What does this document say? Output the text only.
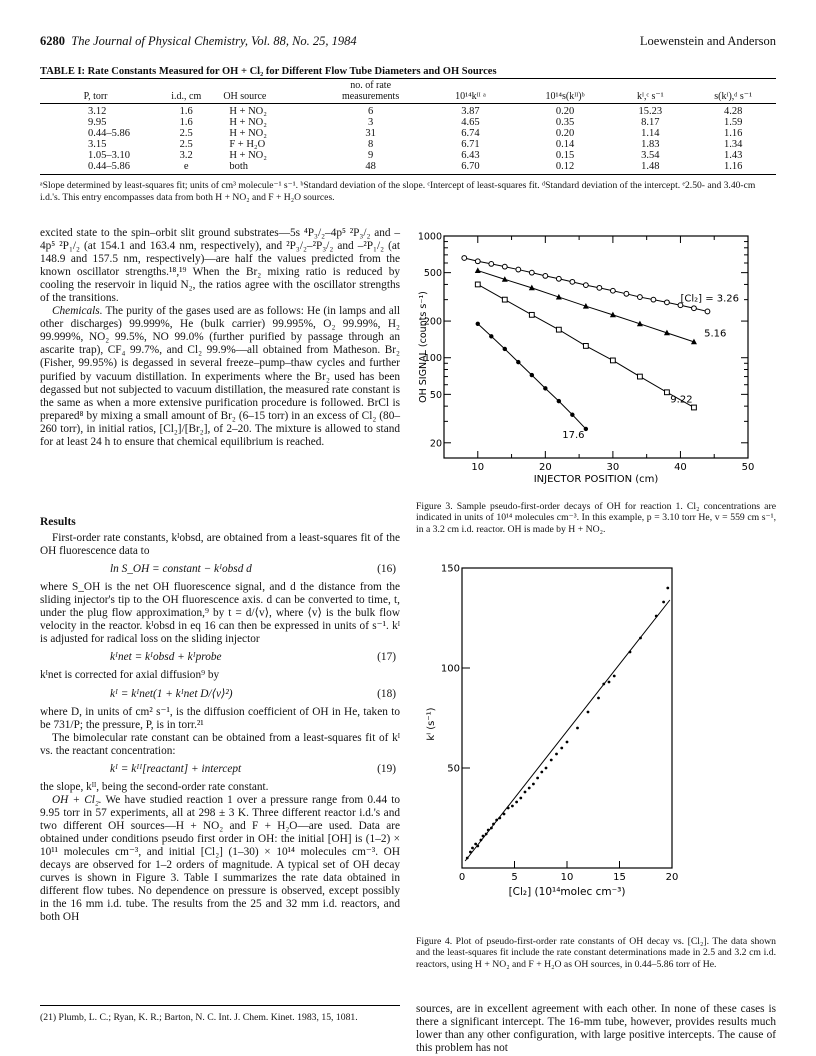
6280 The Journal of Physical Chemistry, Vol. 88, No. 25, 1984	Loewenstein and Anderson
TABLE I: Rate Constants Measured for OH + Cl₂ for Different Flow Tube Diameters and OH Sources
P, torr	i.d., cm	OH source	no. of rate measurements	10¹⁴kᴵᴵ ᵃ	10¹⁴s(kᴵᴵ)ᵇ	kᴵ,ᶜ s⁻¹	s(kᴵ),ᵈ s⁻¹
3.12	1.6	H + NO₂	6	3.87	0.20	15.23	4.28
9.95	1.6	H + NO₂	3	4.65	0.35	8.17	1.59
0.44–5.86	2.5	H + NO₂	31	6.74	0.20	1.14	1.16
3.15	2.5	F + H₂O	8	6.71	0.14	1.83	1.34
1.05–3.10	3.2	H + NO₂	9	6.43	0.15	3.54	1.43
0.44–5.86	e	both	48	6.70	0.12	1.48	1.16
ᵃSlope determined by least-squares fit; units of cm³ molecule⁻¹ s⁻¹. ᵇStandard deviation of the slope. ᶜIntercept of least-squares fit. ᵈStandard deviation of the intercept. ᵉ2.50- and 3.40-cm i.d.'s. This entry encompasses data from both H + NO₂ and F + H₂O sources.

excited state to the spin–orbit slit ground substrates—5s ⁴P₃/₂–4p⁵ ²P₃/₂ and –4p⁵ ²P₁/₂ (at 154.1 and 163.4 nm, respectively), and ²P₃/₂–²P₃/₂ and –²P₁/₂ (at 148.9 and 157.5 nm, respectively)—are half the values predicted from the known oscillator strengths.¹⁸,¹⁹ When the Br₂ mixing ratio is reduced by cooling the reservoir in liquid N₂, the ratios agree with the oscillator strengths of the transitions.

Chemicals. The purity of the gases used are as follows: He (in lamps and all other discharges) 99.999%, He (bulk carrier) 99.995%, O₂ 99.99%, H₂ 99.999%, NO₂ 99.5%, NO 99.0% (further purified by passage through an ascarite trap), CF₄ 99.7%, and Cl₂ 99.9%—all obtained from Matheson. Br₂ (Fisher, 99.95%) is degassed in several freeze–pump–thaw cycles and further purified by vacuum distillation. In experiments where the Br₂ used has been degassed but not subjected to vacuum distillation, the measured rate constant is the same as when a more extensive purification procedure is followed. BrCl is prepared⁸ by mixing a small amount of Br₂ (6–15 torr) in an excess of Cl₂ (80–260 torr), in initial ratios, [Cl₂]/[Br₂], of 2–20. The mixture is allowed to stand for at least 24 h to ensure that chemical equilibrium is reached.

Results

First-order rate constants, kᴵobsd, are obtained from a least-squares fit of the OH fluorescence data to

ln S_OH = constant − kᴵobsd d	(16)

where S_OH is the net OH fluorescence signal, and d the distance from the sliding injector's tip to the OH fluorescence axis. d can be converted to time, t, under the plug flow approximation,⁹ by t = d/⟨v⟩, where ⟨v⟩ is the bulk flow velocity in the reactor. kᴵobsd in eq 16 can then be expressed in units of s⁻¹. kᴵ is adjusted for radical loss on the sliding injector

kᴵnet = kᴵobsd + kᴵprobe	(17)

kᴵnet is corrected for axial diffusion⁹ by

kᴵ = kᴵnet(1 + kᴵnet D/⟨v⟩²)	(18)

where D, in units of cm² s⁻¹, is the diffusion coefficient of OH in He, taken to be 731/P; the pressure, P, is in torr.²¹

The bimolecular rate constant can be obtained from a least-squares fit of kᴵ vs. the reactant concentration:

kᴵ = kᴵᴵ[reactant] + intercept	(19)

the slope, kᴵᴵ, being the second-order rate constant.

OH + Cl₂. We have studied reaction 1 over a pressure range from 0.44 to 9.95 torr in 57 experiments, all at 298 ± 3 K. Three different reactor i.d.'s and two different OH sources—H + NO₂ and F + H₂O—are used. Data are obtained under conditions pseudo first order in OH: the initial [OH] is (1–2) × 10¹¹ molecules cm⁻³, and initial [Cl₂] (1–30) × 10¹⁴ molecules cm⁻³. OH decays are observed for 1–2 orders of magnitude. A typical set of OH decay curves is shown in Figure 3. Table I summarizes the rate data obtained in different flow tubes. No dependence on pressure is observed, except possibly in the 16 mm i.d. tube. The results from the 25 and 32 mm i.d. reactors, and both OH

(21) Plumb, L. C.; Ryan, K. R.; Barton, N. C. Int. J. Chem. Kinet. 1983, 15, 1081.
10	20	30	40	50
INJECTOR POSITION (cm)
20
50
100
200
500
1000
OH SIGNAL (counts s⁻¹)	[Cl₂] = 3.26
5.16
9.22
17.6
Figure 3. Sample pseudo-first-order decays of OH for reaction 1. Cl₂ concentrations are indicated in units of 10¹⁴ molecules cm⁻³. In this example, p = 3.10 torr He, v = 559 cm s⁻¹, in a 3.2 cm i.d. reactor. OH is made by H + NO₂.
0	5	10	15	20
50
100
150
[Cl₂] (10¹⁴molec cm⁻³)
kᴵ (s⁻¹)
Figure 4. Plot of pseudo-first-order rate constants of OH decay vs. [Cl₂]. The data shown and the least-squares fit include the rate constant determinations made in 2.5 and 3.2 cm i.d. reactors, using H + NO₂ and F + H₂O as OH sources, in 0.44–5.86 torr of He.

sources, are in excellent agreement with each other. In none of these cases is there a significant intercept. The 16-mm tube, however, provides results much lower than any other configuration, with large positive intercepts. The cause of this problem has not
